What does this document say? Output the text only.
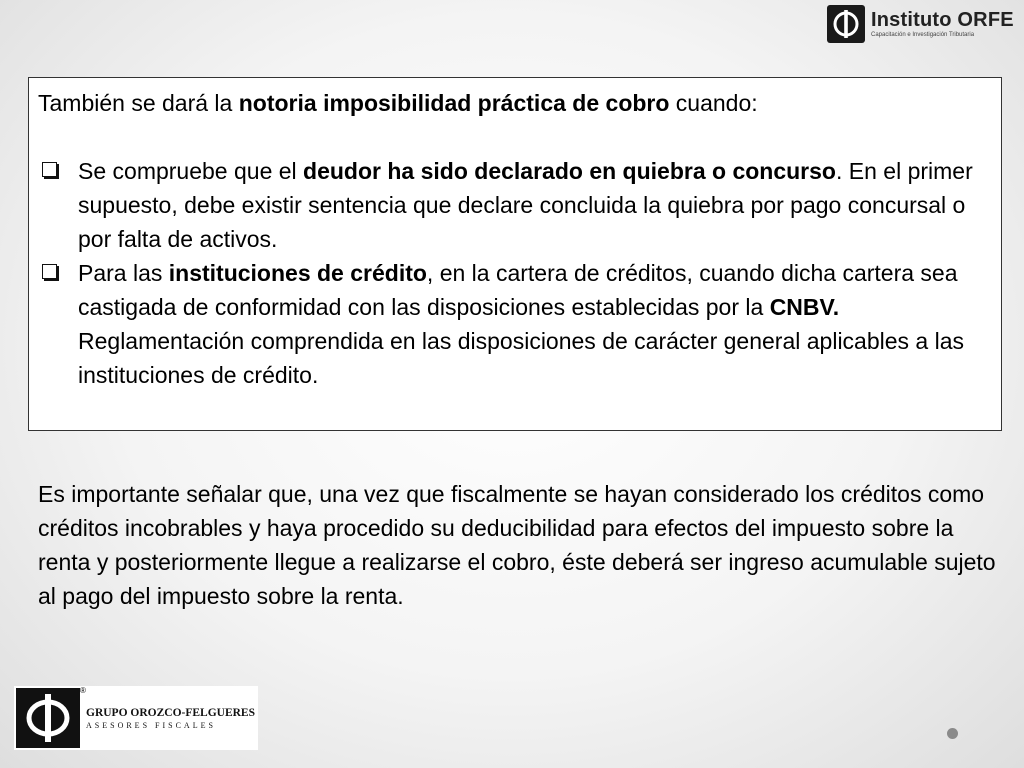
Instituto ORFE
Capacitación e Investigación Tributaria

También se dará la notoria imposibilidad práctica de cobro cuando:

Se compruebe que el deudor ha sido declarado en quiebra o concurso. En el primer supuesto, debe existir sentencia que declare concluida la quiebra por pago concursal o por falta de activos.
Para las instituciones de crédito, en la cartera de créditos, cuando dicha cartera sea castigada de conformidad con las disposiciones establecidas por la CNBV. Reglamentación comprendida en las disposiciones de carácter general aplicables a las instituciones de crédito.

Es importante señalar que, una vez que fiscalmente se hayan considerado los créditos como créditos incobrables y haya procedido su deducibilidad para efectos del impuesto sobre la renta y posteriormente llegue a realizarse el cobro, éste deberá ser ingreso acumulable sujeto al pago del impuesto sobre la renta.

®
GRUPO OROZCO-FELGUERES
ASESORES FISCALES
